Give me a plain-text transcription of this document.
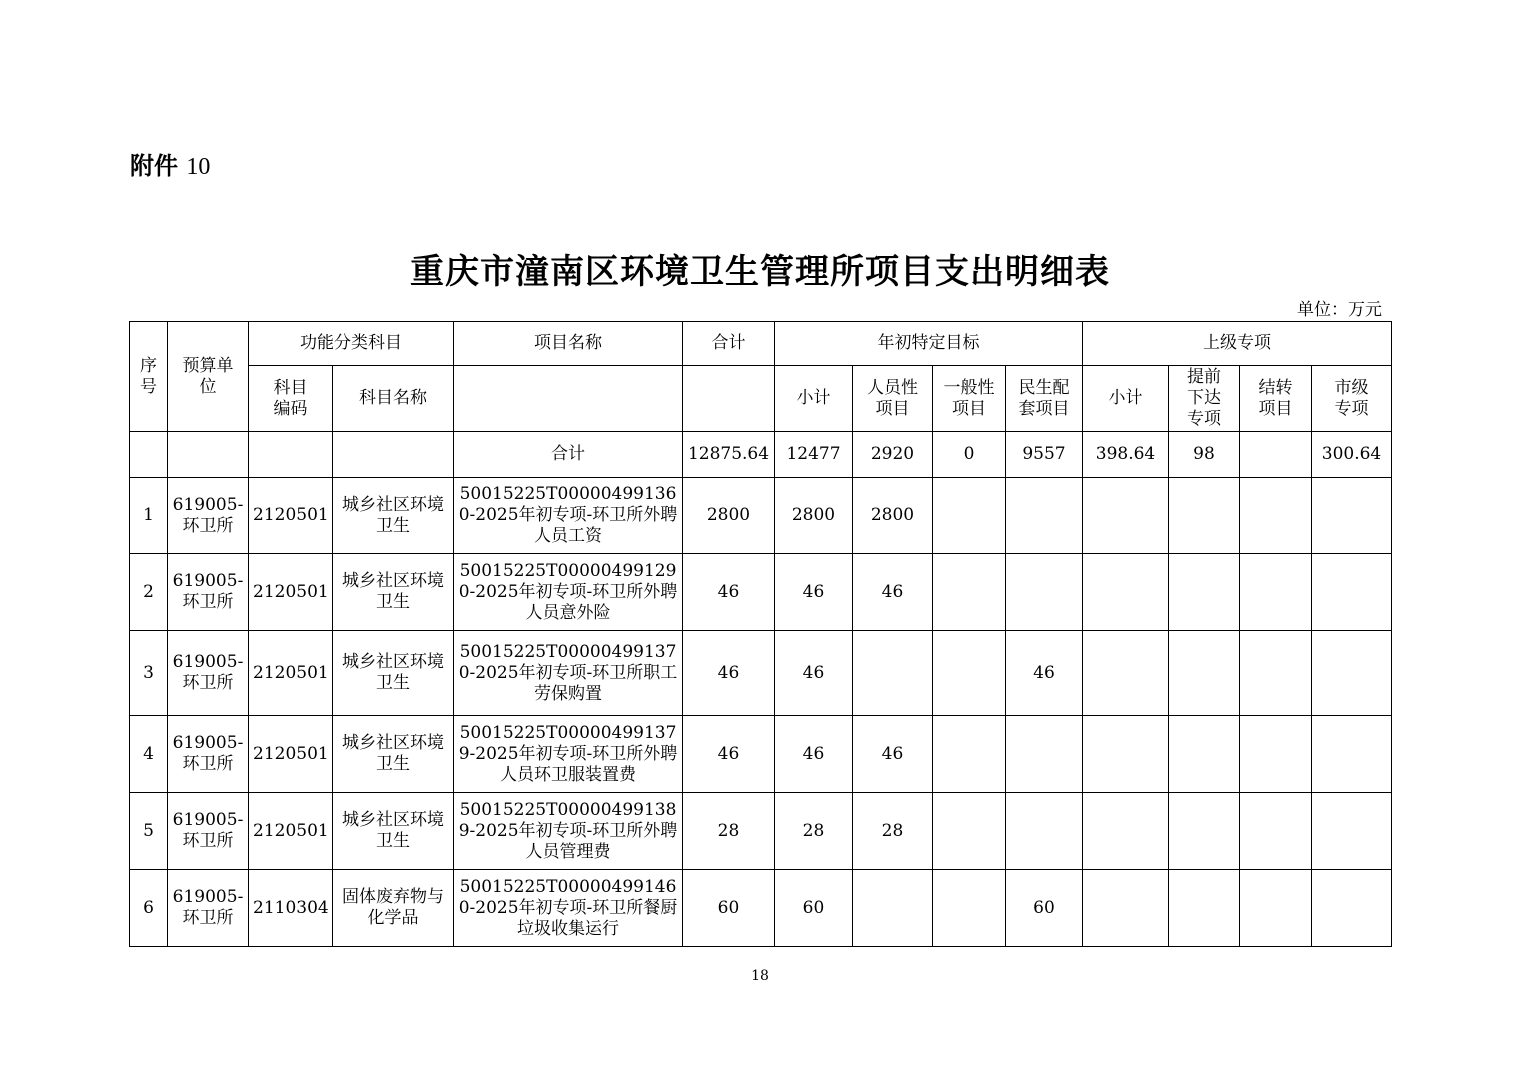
附件 10
重庆市潼南区环境卫生管理所项目支出明细表
单位：万元
序号	预算单位	功能分类科目		项目名称	合计	年初特定目标				上级专项			
		科目编码	科目名称			小计	人员性项目	一般性项目	民生配套项目	小计	提前下达专项	结转项目	市级专项
				合计	12875.64	12477	2920	0	9557	398.64	98		300.64
1	619005-环卫所	2120501	城乡社区环境卫生	50015225T000004991360-2025年初专项-环卫所外聘人员工资	2800	2800	2800						
2	619005-环卫所	2120501	城乡社区环境卫生	50015225T000004991290-2025年初专项-环卫所外聘人员意外险	46	46	46						
3	619005-环卫所	2120501	城乡社区环境卫生	50015225T000004991370-2025年初专项-环卫所职工劳保购置	46	46			46				
4	619005-环卫所	2120501	城乡社区环境卫生	50015225T000004991379-2025年初专项-环卫所外聘人员环卫服装置费	46	46	46						
5	619005-环卫所	2120501	城乡社区环境卫生	50015225T000004991389-2025年初专项-环卫所外聘人员管理费	28	28	28						
6	619005-环卫所	2110304	固体废弃物与化学品	50015225T000004991460-2025年初专项-环卫所餐厨垃圾收集运行	60	60			60				
18
